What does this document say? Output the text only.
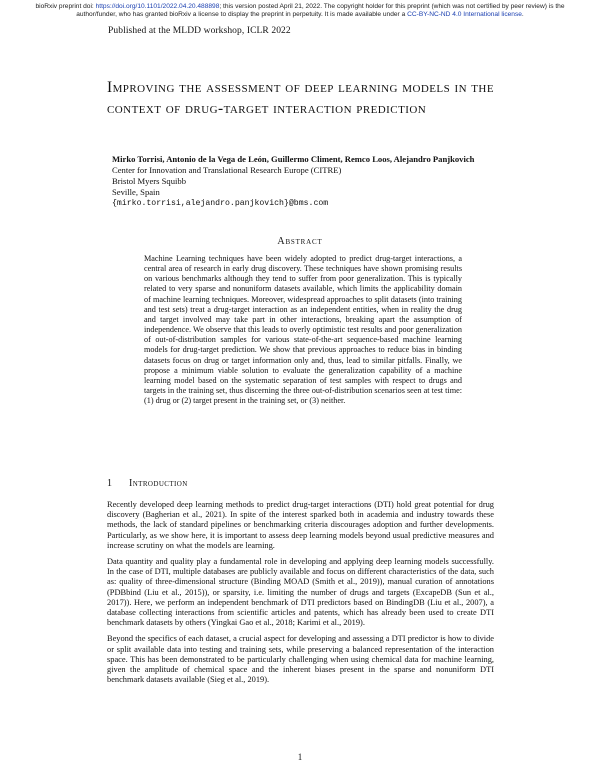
bioRxiv preprint doi: https://doi.org/10.1101/2022.04.20.488898; this version posted April 21, 2022. The copyright holder for this preprint (which was not certified by peer review) is the author/funder, who has granted bioRxiv a license to display the preprint in perpetuity. It is made available under a CC-BY-NC-ND 4.0 International license.
Published at the MLDD workshop, ICLR 2022
Improving the assessment of deep learning models in the context of drug-target interaction prediction
Mirko Torrisi, Antonio de la Vega de León, Guillermo Climent, Remco Loos, Alejandro Panjkovich
Center for Innovation and Translational Research Europe (CITRE)
Bristol Myers Squibb
Seville, Spain
{mirko.torrisi,alejandro.panjkovich}@bms.com
Abstract
Machine Learning techniques have been widely adopted to predict drug-target interactions, a central area of research in early drug discovery. These techniques have shown promising results on various benchmarks although they tend to suffer from poor generalization. This is typically related to very sparse and nonuniform datasets available, which limits the applicability domain of machine learning techniques. Moreover, widespread approaches to split datasets (into training and test sets) treat a drug-target interaction as an independent entities, when in reality the drug and target involved may take part in other interactions, breaking apart the assumption of independence. We observe that this leads to overly optimistic test results and poor generalization of out-of-distribution samples for various state-of-the-art sequence-based machine learning models for drug-target prediction. We show that previous approaches to reduce bias in binding datasets focus on drug or target information only and, thus, lead to similar pitfalls. Finally, we propose a minimum viable solution to evaluate the generalization capability of a machine learning model based on the systematic separation of test samples with respect to drugs and targets in the training set, thus discerning the three out-of-distribution scenarios seen at test time: (1) drug or (2) target present in the training set, or (3) neither.
1 Introduction

Recently developed deep learning methods to predict drug-target interactions (DTI) hold great potential for drug discovery (Bagherian et al., 2021). In spite of the interest sparked both in academia and industry towards these methods, the lack of standard pipelines or benchmarking criteria discourages adoption and further developments. Particularly, as we show here, it is important to assess deep learning models beyond usual predictive measures and increase scrutiny on what the models are learning.

Data quantity and quality play a fundamental role in developing and applying deep learning models successfully. In the case of DTI, multiple databases are publicly available and focus on different characteristics of the data, such as: quality of three-dimensional structure (Binding MOAD (Smith et al., 2019)), manual curation of annotations (PDBbind (Liu et al., 2015)), or sparsity, i.e. limiting the number of drugs and targets (ExcapeDB (Sun et al., 2017)). Here, we perform an independent benchmark of DTI predictors based on BindingDB (Liu et al., 2007), a database collecting interactions from scientific articles and patents, which has already been used to create DTI benchmark datasets by others (Yingkai Gao et al., 2018; Karimi et al., 2019).

Beyond the specifics of each dataset, a crucial aspect for developing and assessing a DTI predictor is how to divide or split available data into testing and training sets, while preserving a balanced representation of the interaction space. This has been demonstrated to be particularly challenging when using chemical data for machine learning, given the amplitude of chemical space and the inherent biases present in the sparse and nonuniform DTI benchmark datasets available (Sieg et al., 2019).

1
